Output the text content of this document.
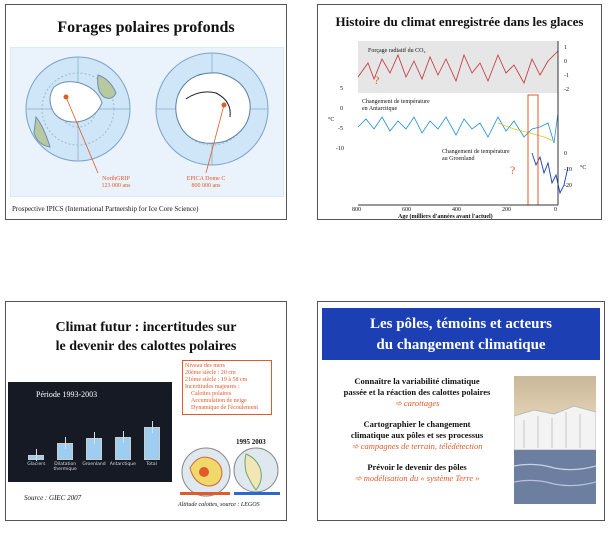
Forages polaires profonds
NorthGRIP
123 000 ans
EPICA Dome C
800 000 ans
Prospective IPICS (International Partnership for Ice Core Science)
Histoire du climat enregistrée dans les glaces
Forçage radiatif du CO₂
Changement de température
en Antarctique
Changement de température
au Groenland
?
?
5
0
-5
-10
°C
1
0
-1
-2
0
-10
-20
°C
800	600	400	200	0
Age (milliers d'années avant l'actuel)
Climat futur : incertitudes sur
le devenir des calottes polaires
Niveau des mers
20ème siècle : 20 cm
21ème siècle : 19 à 58 cm
Incertitudes majeures :
Calottes polaires
Accumulation de neige
Dynamique de l'écoulement
Période 1993-2003
Glaciers	Dilatation thermique
Groenland Antarctique	Total
1995 2003
Source : GIEC 2007
Altitude calottes, source : LEGOS
Les pôles, témoins et acteurs
du changement climatique
Connaître la variabilité climatique
passée et la réaction des calottes polaires
➾ carottages
Cartographier le changement
climatique aux pôles et ses processus
➾ campagnes de terrain, télédétection
Prévoir le devenir des pôles
➾ modélisation du « système Terre »
